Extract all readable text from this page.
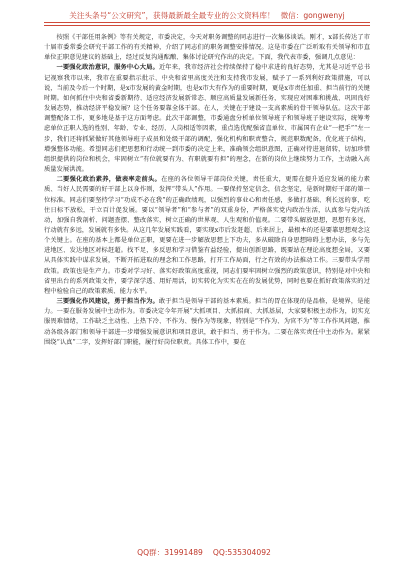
关注头条号“公文研究”，获得最新最全最专业的公文资料库！ 微信：gongwenyj

按照《干部任用条例》等有关规定，市委决定，今天对职务调整的同志进行一次集体谈话。刚才，x部长传达了市十届市委常委会研究干部工作的有关精神，介绍了同志们的职务调整安排情况。这是市委在广泛听取有关领导和市直单位正职意见建议的基础上，经过反复沟通酝酿、集体讨论研究作出的决定。下面，我代表市委，强调几点意见：

一要强化政治意识，服务中心大局。近年来，我市经济社会持续保持了稳中求进的良好态势，尤其是习近平总书记视察我市以来，我市在重要指示批示、中央和省里高度关注和支持我市发展，赋予了一系列利好政策措施，可以说，当前及今后一个时期，是x市发展的黄金时期，也是x市大有作为的重要时期，更是x市责任加重、担当前行的关键时期。如何抓住中央和省委新期待、适应经济发展新常态、顺应高质量发展新任务，实现应对困难和挑战、巩固良好发展态势，推动经济平稳发展？这个任务要靠全体干部。在人，关键在于建设一支高素质的骨干领导队伍。这次干部调整配备工作，更多地是基于这方面考虑。此次干部调整，市委通盘分析单位领导班子和领导班子建设实际，统筹考虑单位正职人选的性别、年龄、专业、经历、人岗相适等因素，重点选优配强省直单位、市属国有企业“一把手”“左一步，我们还将抓紧做好其他领导班子成员和处级干部的调配，强化机构和职责整合，规范职数配备，优化班子结构，增强整体功能。希望同志们把思想和行动统一到市委的决定上来，准确领会组织意图，正确对待进退留转，切加珍惜组织提供的岗位和机会，牢固树立“有位就要有为、有职就要有担”的理念，在新的岗位上继续努力工作，主动融入高质量发展洪流。

二要强化政治素养，做表率走前头。在座的各位领导干部岗位关键，责任重大，更需在提升适应发展的能力素质、当好人民需要的好干部上以身作则，发挥“带头人”作用。一要保持坚定信念，信念坚定，是新时期好干部的第一位标准。同志们要坚持学习“功成不必在我”的正确政绩观，以强烈的事业心和责任感，多做打基础、利长远的事，吃住日标不放松，干立百计促发展。要以“领导者”和“参与者”的双重身份，严格落实党内政治生活，认真参与党内活动，加强自我剖析、问题查摆、整改落实，树立正确的世界观、人生观和价值观。二要带头解放思想，思想有多远，行动就有多远，发展就有多快。从这几年发展实践看，要实现x市后发赶超、后来居上，最根本的还是要靠思想观念这个关键上。在座的基本上都是单位正职，更要在进一步解放思想上下功夫，多从破除自身思想障碍上想办法，多与先进地区、发达地区对标赶超。找不足，多反思和学习借鉴有益经验，提出创新思路，既要站在理论高度想全局，又要从具体实践中谋求发展，不断开拓进取的理念和工作思路，打开工作局面，行之有效的办法推动工作。三要带头学用政策。政策也是生产力。市委对学习好、落实好政策高度重视，同志们要牢固树立强烈的政策意识，特别是对中央和省里出台的系列政策文件，要学深学透、用好用活，切实转化为实实在在的发展优势，同时也要在抓好政策落实的过程中检验自己的政策素质、能力水平。

三要强化作风建设，勇于担当作为。敢于担当是领导干部的基本素质。担当的胃在体现的是品格，是境界，是能力。一要在服务发展中主动作为。市委决定今年开展“大抓项目、大抓招商、大抓基层，大家要积极主动作为，切实克服畏难情绪，工作缺乏主动性、上热下冷、不作为、慢作为等现象，特别是“不作为、为官不为”等工作作风问题，推动各级各部门和领导干部进一步增强发展意识和项目意识，敢于担当、勇于作为。二要在落实责任中主动作为。紧紧围绕“认真”二字，发挥好部门职能，履行好岗位职责。具体工作中，要在

QQ群：31991489 QQ:535304092
